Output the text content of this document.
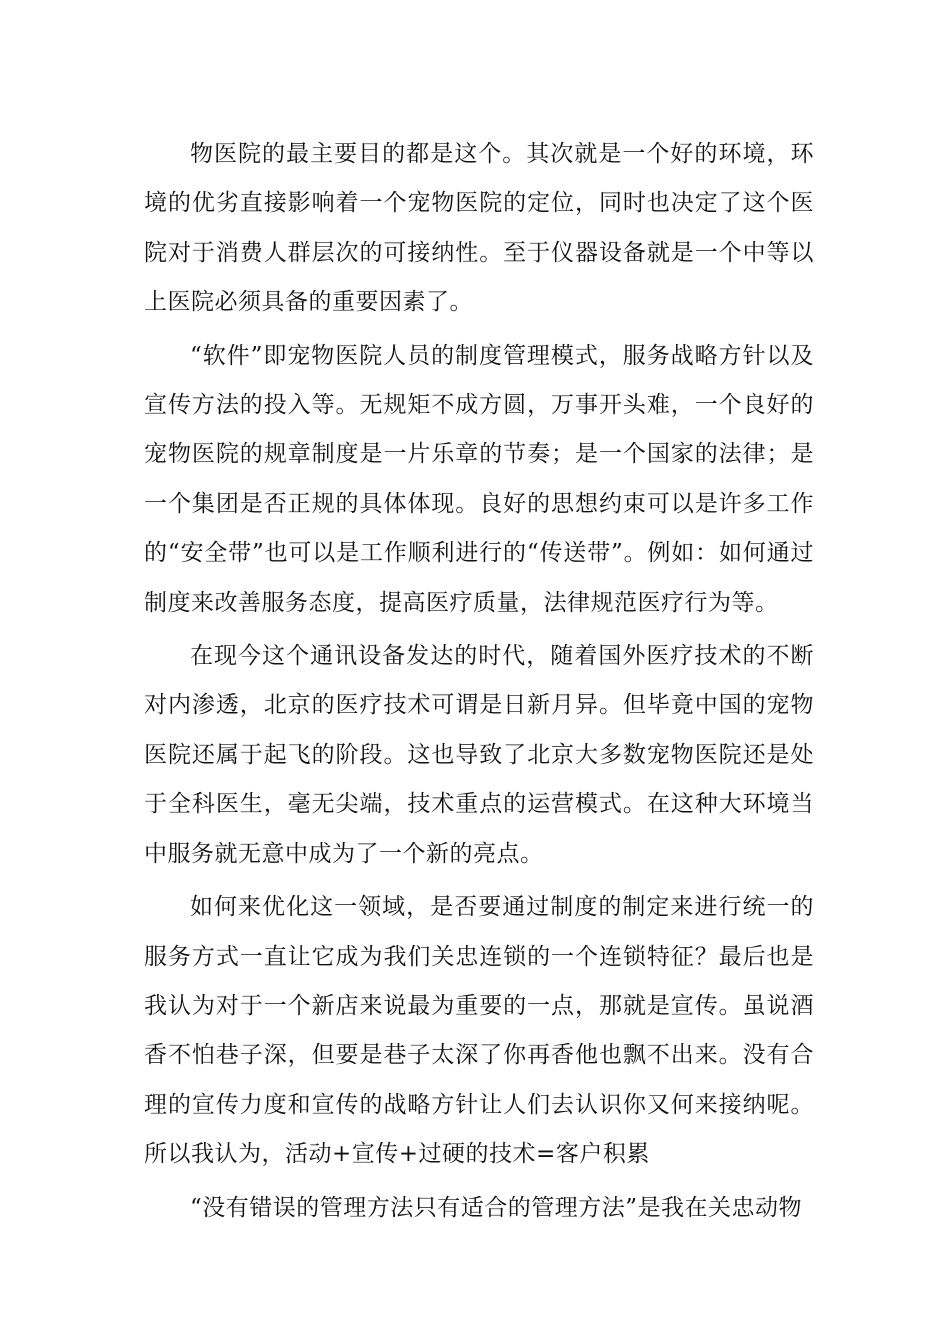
物医院的最主要目的都是这个。其次就是一个好的环境，环境的优劣直接影响着一个宠物医院的定位，同时也决定了这个医院对于消费人群层次的可接纳性。至于仪器设备就是一个中等以上医院必须具备的重要因素了。

“软件”即宠物医院人员的制度管理模式，服务战略方针以及宣传方法的投入等。无规矩不成方圆，万事开头难，一个良好的宠物医院的规章制度是一片乐章的节奏；是一个国家的法律；是一个集团是否正规的具体体现。良好的思想约束可以是许多工作的“安全带”也可以是工作顺利进行的“传送带”。例如：如何通过制度来改善服务态度，提高医疗质量，法律规范医疗行为等。

在现今这个通讯设备发达的时代，随着国外医疗技术的不断对内渗透，北京的医疗技术可谓是日新月异。但毕竟中国的宠物医院还属于起飞的阶段。这也导致了北京大多数宠物医院还是处于全科医生，毫无尖端，技术重点的运营模式。在这种大环境当中服务就无意中成为了一个新的亮点。

如何来优化这一领域，是否要通过制度的制定来进行统一的服务方式一直让它成为我们关忠连锁的一个连锁特征？最后也是我认为对于一个新店来说最为重要的一点，那就是宣传。虽说酒香不怕巷子深，但要是巷子太深了你再香他也飘不出来。没有合理的宣传力度和宣传的战略方针让人们去认识你又何来接纳呢。所以我认为，活动+宣传+过硬的技术=客户积累

“没有错误的管理方法只有适合的管理方法”是我在关忠动物
